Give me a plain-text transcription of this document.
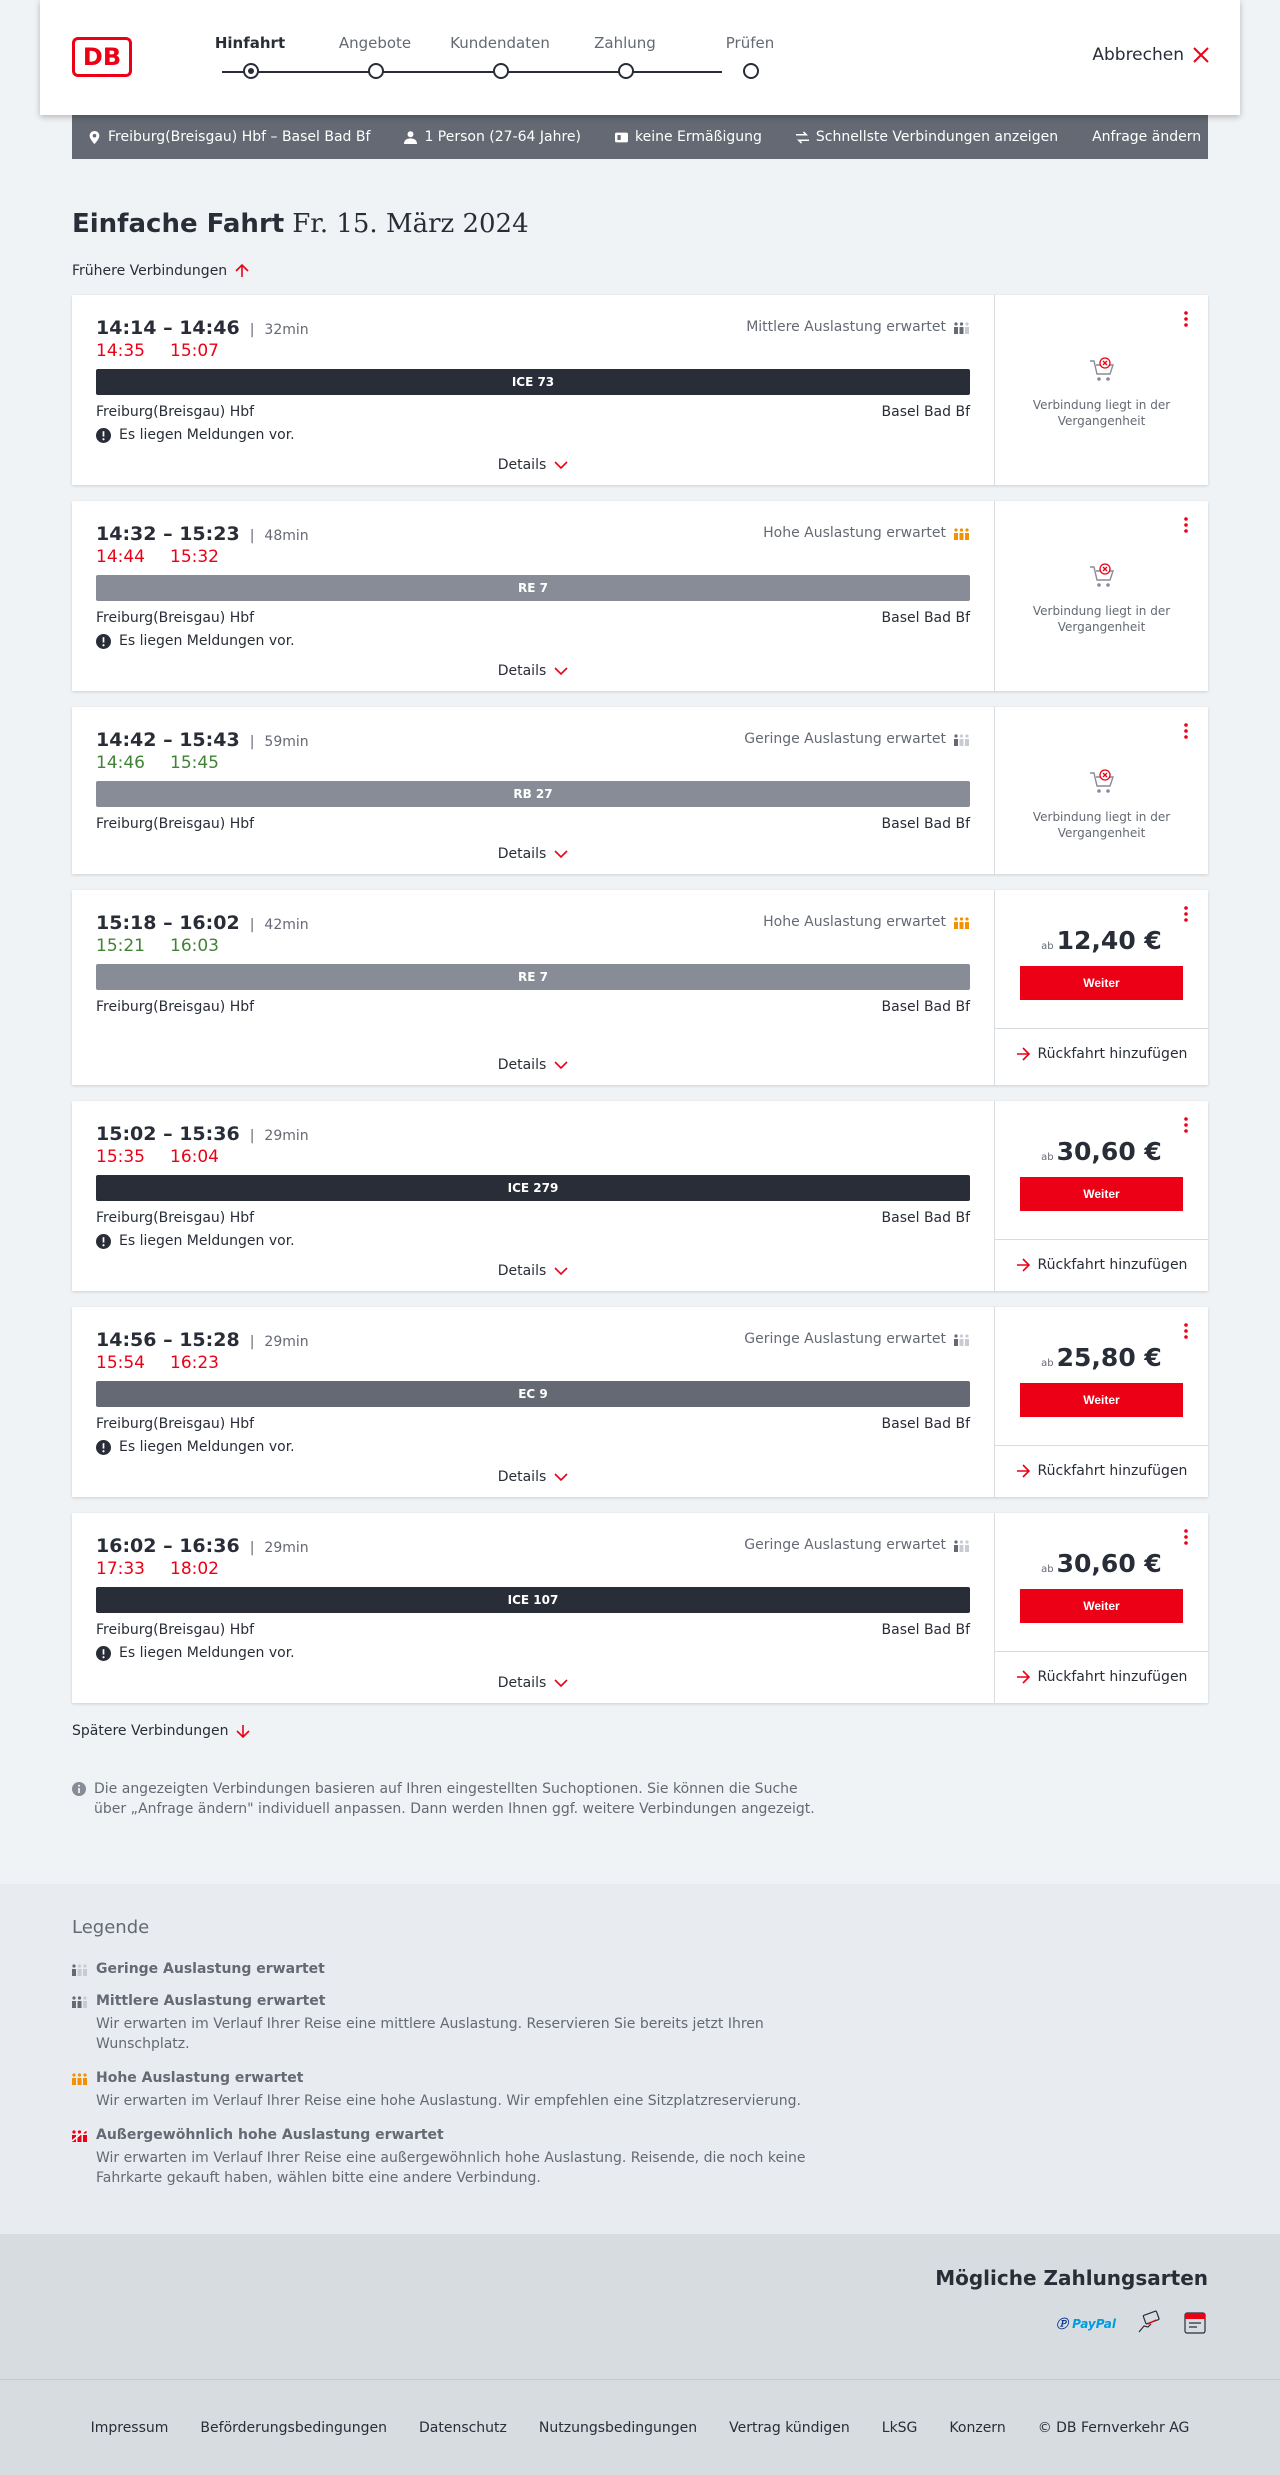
DB	Hinfahrt	Angebote	Kundendaten	Zahlung	Prüfen
Abbrechen
Freiburg(Breisgau) Hbf – Basel Bad Bf	1 Person (27-64 Jahre)	keine Ermäßigung	Schnellste Verbindungen anzeigen Anfrage ändern
Einfache Fahrt Fr. 15. März 2024
Frühere Verbindungen
14:14 – 14:46 | 32min	Mittlere Auslastung erwartet
14:35 15:07
ICE 73
Freiburg(Breisgau) Hbf	Basel Bad Bf
Es liegen Meldungen vor.
Details
Verbindung liegt in der Vergangenheit
14:32 – 15:23 | 48min	Hohe Auslastung erwartet
14:44 15:32
RE 7
Freiburg(Breisgau) Hbf	Basel Bad Bf
Es liegen Meldungen vor.
Details
Verbindung liegt in der Vergangenheit
14:42 – 15:43 | 59min	Geringe Auslastung erwartet
14:46 15:45
RB 27
Freiburg(Breisgau) Hbf	Basel Bad Bf
Details
Verbindung liegt in der Vergangenheit
15:18 – 16:02 | 42min	Hohe Auslastung erwartet
15:21 16:03
RE 7
Freiburg(Breisgau) Hbf	Basel Bad Bf
Details
ab 12,40 €
Weiter
Rückfahrt hinzufügen
15:02 – 15:36 | 29min
15:35 16:04
ICE 279
Freiburg(Breisgau) Hbf	Basel Bad Bf
Es liegen Meldungen vor.
Details
ab 30,60 €
Weiter
Rückfahrt hinzufügen
14:56 – 15:28 | 29min	Geringe Auslastung erwartet
15:54 16:23
EC 9
Freiburg(Breisgau) Hbf	Basel Bad Bf
Es liegen Meldungen vor.
Details
ab 25,80 €
Weiter
Rückfahrt hinzufügen
16:02 – 16:36 | 29min	Geringe Auslastung erwartet
17:33 18:02
ICE 107
Freiburg(Breisgau) Hbf	Basel Bad Bf
Es liegen Meldungen vor.
Details
ab 30,60 €
Weiter
Rückfahrt hinzufügen
Spätere Verbindungen
Die angezeigten Verbindungen basieren auf Ihren eingestellten Suchoptionen. Sie können die Suche über „Anfrage ändern" individuell anpassen. Dann werden Ihnen ggf. weitere Verbindungen angezeigt.
Legende
Geringe Auslastung erwartet
Mittlere Auslastung erwartet
Wir erwarten im Verlauf Ihrer Reise eine mittlere Auslastung. Reservieren Sie bereits jetzt Ihren Wunschplatz.
Hohe Auslastung erwartet
Wir erwarten im Verlauf Ihrer Reise eine hohe Auslastung. Wir empfehlen eine Sitzplatzreservierung.
Außergewöhnlich hohe Auslastung erwartet
Wir erwarten im Verlauf Ihrer Reise eine außergewöhnlich hohe Auslastung. Reisende, die noch keine Fahrkarte gekauft haben, wählen bitte eine andere Verbindung.
Mögliche Zahlungsarten
Ⓟ PayPal
Impressum Beförderungsbedingungen Datenschutz Nutzungsbedingungen Vertrag kündigen LkSG Konzern © DB Fernverkehr AG
